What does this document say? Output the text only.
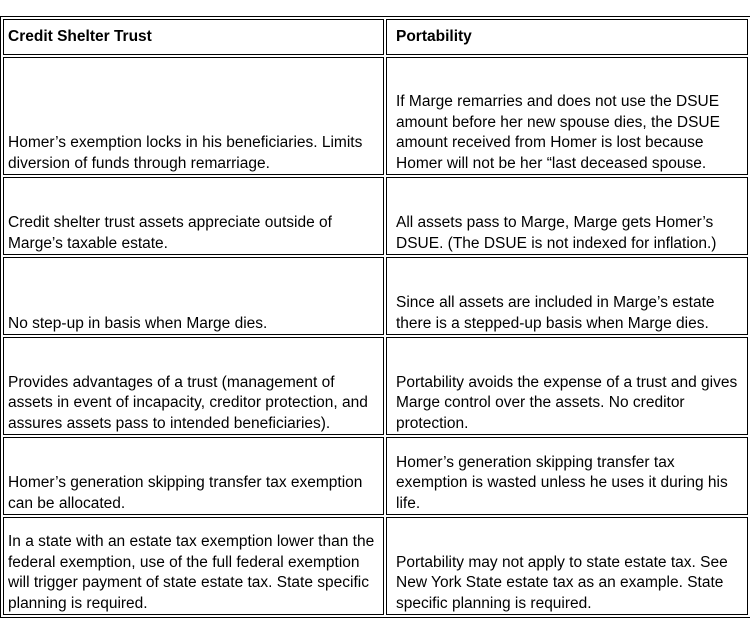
Credit Shelter Trust	Portability
Homer’s exemption locks in his beneficiaries. Limits diversion of funds through remarriage.	If Marge remarries and does not use the DSUE amount before her new spouse dies, the DSUE amount received from Homer is lost because Homer will not be her “last deceased spouse.
Credit shelter trust assets appreciate outside of Marge’s taxable estate.	All assets pass to Marge, Marge gets Homer’s DSUE. (The DSUE is not indexed for inflation.)
No step-up in basis when Marge dies.	Since all assets are included in Marge’s estate there is a stepped-up basis when Marge dies.
Provides advantages of a trust (management of assets in event of incapacity, creditor protection, and assures assets pass to intended beneficiaries).	Portability avoids the expense of a trust and gives Marge control over the assets. No creditor protection.
Homer’s generation skipping transfer tax exemption can be allocated.	Homer’s generation skipping transfer tax exemption is wasted unless he uses it during his life.
In a state with an estate tax exemption lower than the federal exemption, use of the full federal exemption will trigger payment of state estate tax. State specific planning is required.	Portability may not apply to state estate tax. See New York State estate tax as an example. State specific planning is required.
